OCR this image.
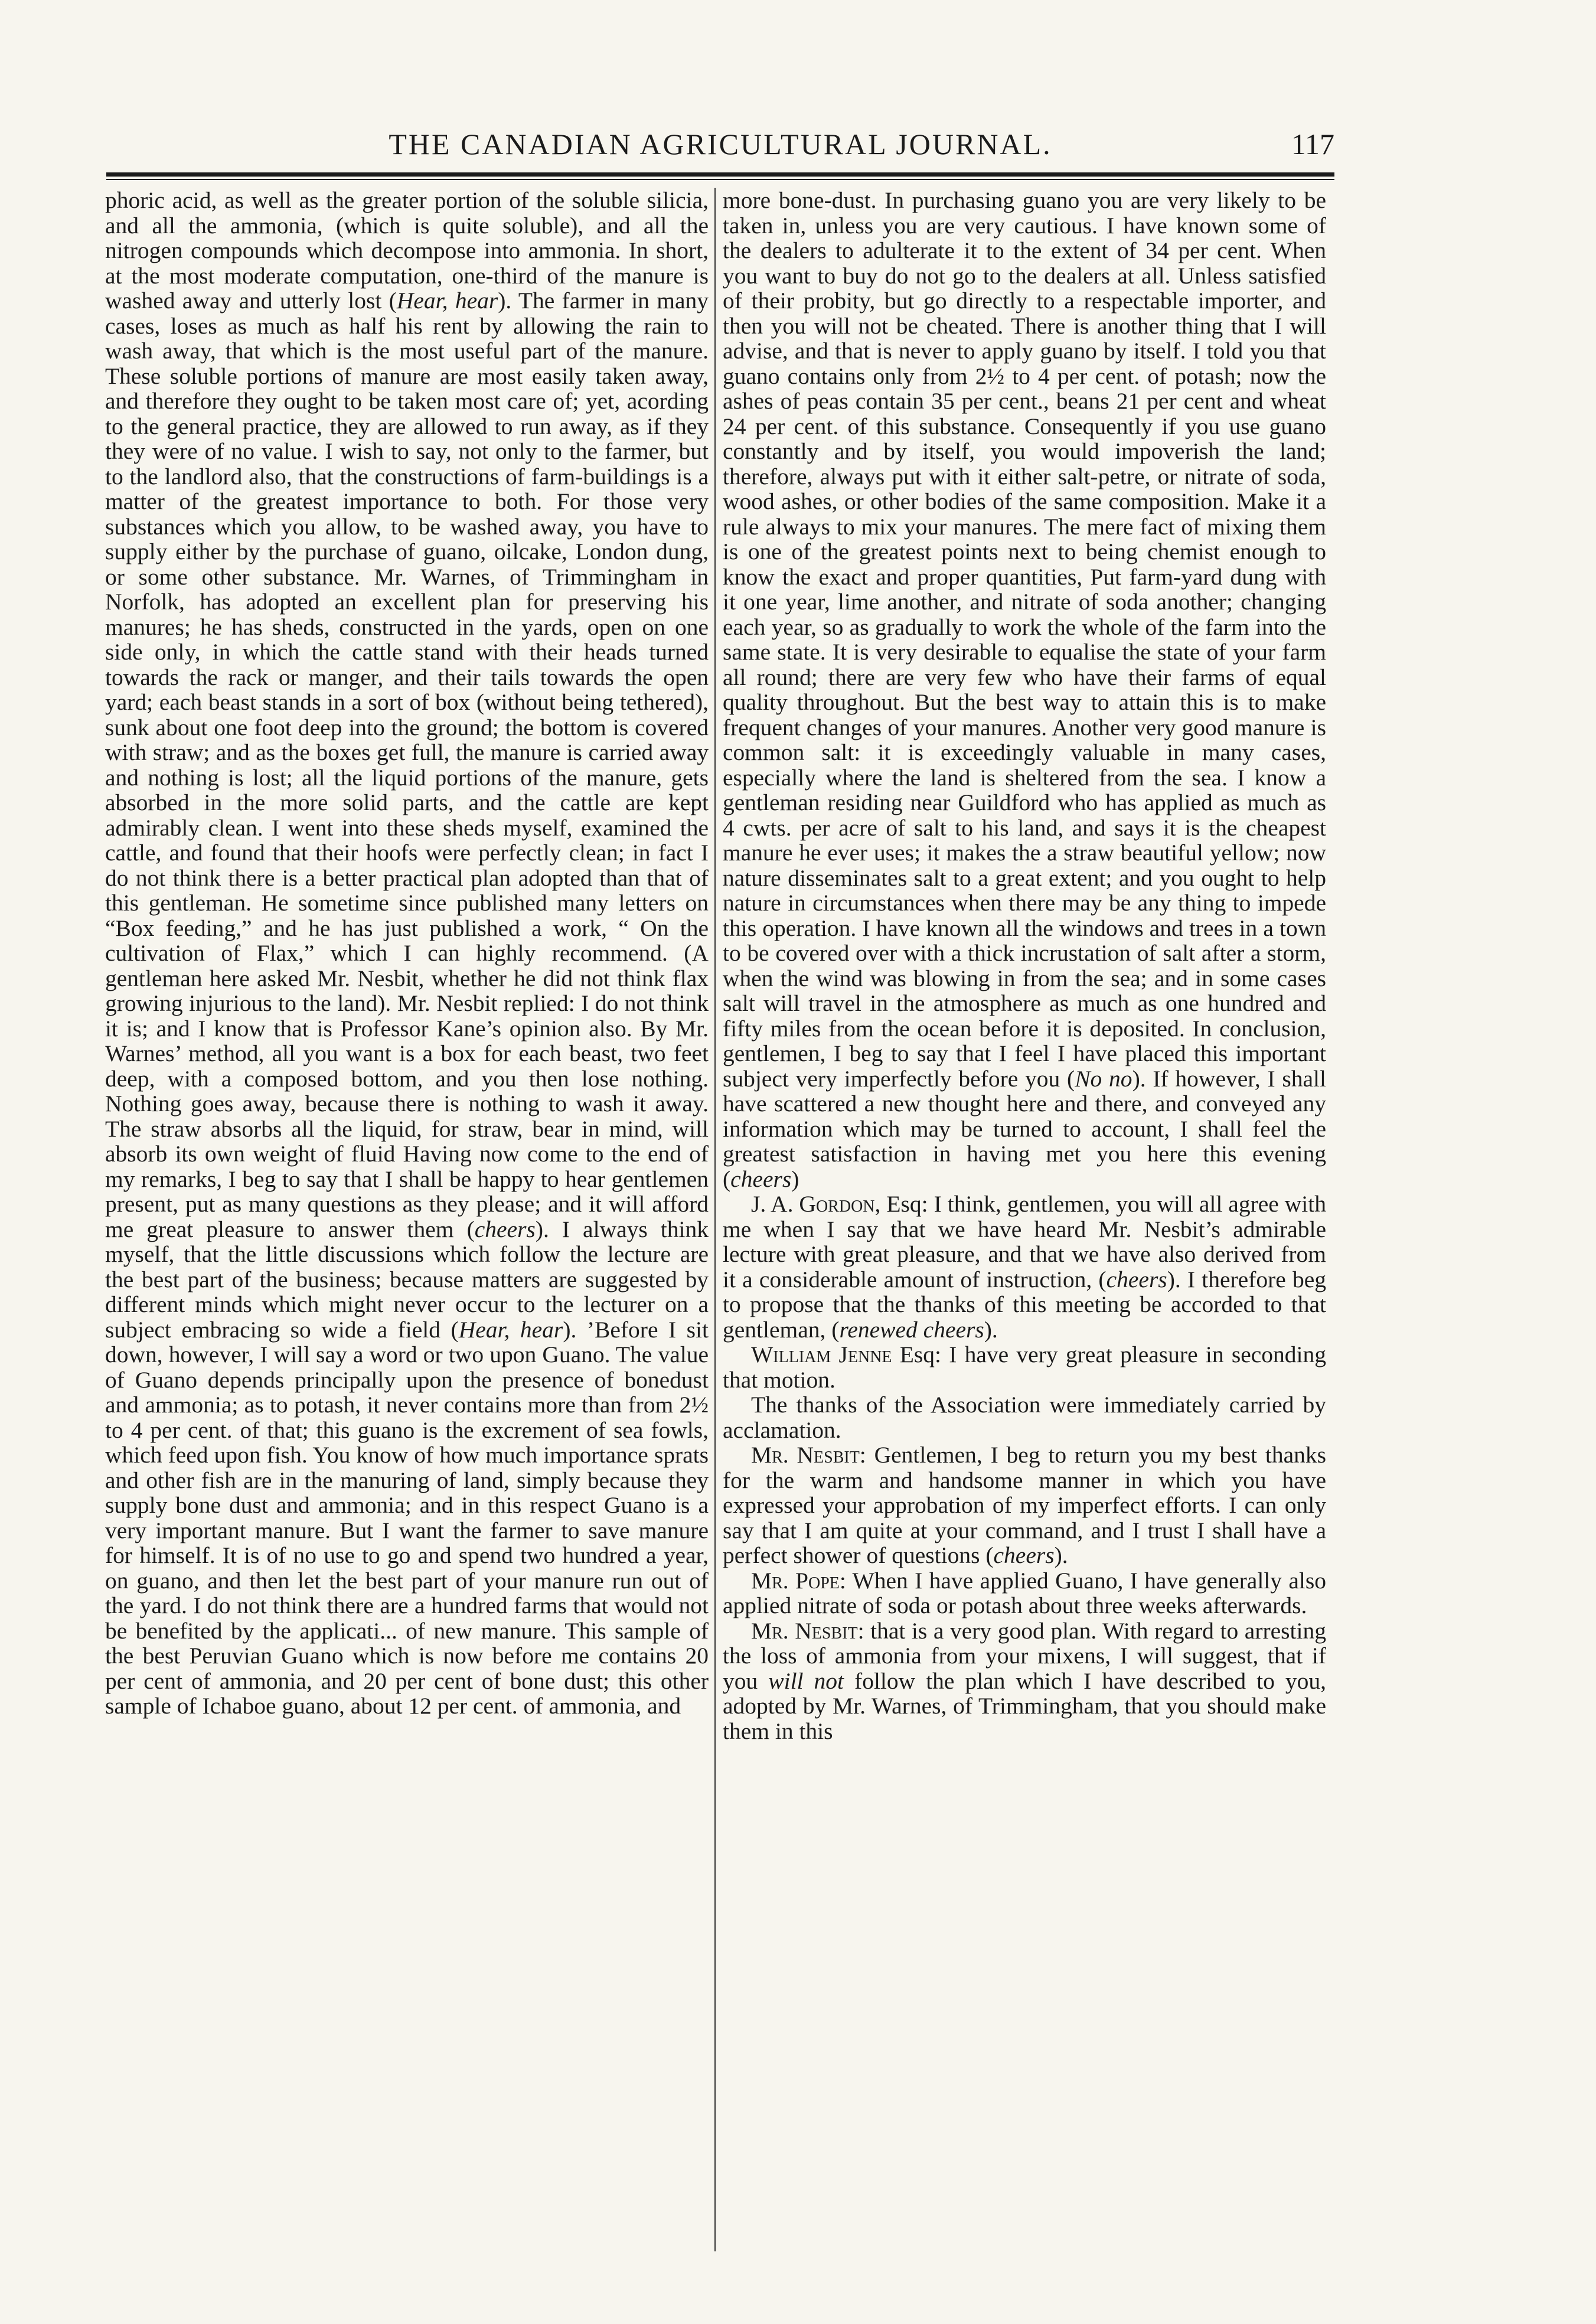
THE CANADIAN AGRICULTURAL JOURNAL.	117

phoric acid, as well as the greater portion of the soluble silicia, and all the ammonia, (which is quite soluble), and all the nitrogen compounds which decompose into ammonia. In short, at the most moderate computation, one-third of the manure is washed away and utterly lost (Hear, hear). The farmer in many cases, loses as much as half his rent by allowing the rain to wash away, that which is the most useful part of the manure. These soluble portions of manure are most easily taken away, and therefore they ought to be taken most care of; yet, acording to the general practice, they are allowed to run away, as if they they were of no value. I wish to say, not only to the farmer, but to the landlord also, that the constructions of farm-buildings is a matter of the greatest importance to both. For those very substances which you allow, to be washed away, you have to supply either by the purchase of guano, oilcake, London dung, or some other substance. Mr. Warnes, of Trimmingham in Norfolk, has adopted an excellent plan for preserving his manures; he has sheds, constructed in the yards, open on one side only, in which the cattle stand with their heads turned towards the rack or manger, and their tails towards the open yard; each beast stands in a sort of box (without being tethered), sunk about one foot deep into the ground; the bottom is covered with straw; and as the boxes get full, the manure is carried away and nothing is lost; all the liquid portions of the manure, gets absorbed in the more solid parts, and the cattle are kept admirably clean. I went into these sheds myself, examined the cattle, and found that their hoofs were perfectly clean; in fact I do not think there is a better practical plan adopted than that of this gentleman. He sometime since published many letters on “Box feeding,” and he has just published a work, “ On the cultivation of Flax,” which I can highly recommend. (A gentleman here asked Mr. Nesbit, whether he did not think flax growing injurious to the land). Mr. Nesbit replied: I do not think it is; and I know that is Professor Kane’s opinion also. By Mr. Warnes’ method, all you want is a box for each beast, two feet deep, with a composed bottom, and you then lose nothing. Nothing goes away, because there is nothing to wash it away. The straw absorbs all the liquid, for straw, bear in mind, will absorb its own weight of fluid Having now come to the end of my remarks, I beg to say that I shall be happy to hear gentlemen present, put as many questions as they please; and it will afford me great pleasure to answer them (cheers). I always think myself, that the little discussions which follow the lecture are the best part of the business; because matters are suggested by different minds which might never occur to the lecturer on a subject embracing so wide a field (Hear, hear). ’Before I sit down, however, I will say a word or two upon Guano. The value of Guano depends principally upon the presence of bonedust and ammonia; as to potash, it never contains more than from 2½ to 4 per cent. of that; this guano is the excrement of sea fowls, which feed upon fish. You know of how much importance sprats and other fish are in the manuring of land, simply because they supply bone dust and ammonia; and in this respect Guano is a very important manure. But I want the farmer to save manure for himself. It is of no use to go and spend two hundred a year, on guano, and then let the best part of your manure run out of the yard. I do not think there are a hundred farms that would not be benefited by the applicati... of new manure. This sample of the best Peruvian Guano which is now before me contains 20 per cent of ammonia, and 20 per cent of bone dust; this other sample of Ichaboe guano, about 12 per cent. of ammonia, and

more bone-dust. In purchasing guano you are very likely to be taken in, unless you are very cautious. I have known some of the dealers to adulterate it to the extent of 34 per cent. When you want to buy do not go to the dealers at all. Unless satisfied of their probity, but go directly to a respectable importer, and then you will not be cheated. There is another thing that I will advise, and that is never to apply guano by itself. I told you that guano contains only from 2½ to 4 per cent. of potash; now the ashes of peas contain 35 per cent., beans 21 per cent and wheat 24 per cent. of this substance. Consequently if you use guano constantly and by itself, you would impoverish the land; therefore, always put with it either salt-petre, or nitrate of soda, wood ashes, or other bodies of the same composition. Make it a rule always to mix your manures. The mere fact of mixing them is one of the greatest points next to being chemist enough to know the exact and proper quantities, Put farm-yard dung with it one year, lime another, and nitrate of soda another; changing each year, so as gradually to work the whole of the farm into the same state. It is very desirable to equalise the state of your farm all round; there are very few who have their farms of equal quality throughout. But the best way to attain this is to make frequent changes of your manures. Another very good manure is common salt: it is exceedingly valuable in many cases, especially where the land is sheltered from the sea. I know a gentleman residing near Guildford who has applied as much as 4 cwts. per acre of salt to his land, and says it is the cheapest manure he ever uses; it makes the a straw beautiful yellow; now nature disseminates salt to a great extent; and you ought to help nature in circumstances when there may be any thing to impede this operation. I have known all the windows and trees in a town to be covered over with a thick incrustation of salt after a storm, when the wind was blowing in from the sea; and in some cases salt will travel in the atmosphere as much as one hundred and fifty miles from the ocean before it is deposited. In conclusion, gentlemen, I beg to say that I feel I have placed this important subject very imperfectly before you (No no). If however, I shall have scattered a new thought here and there, and conveyed any information which may be turned to account, I shall feel the greatest satisfaction in having met you here this evening (cheers)

J. A. Gordon, Esq: I think, gentlemen, you will all agree with me when I say that we have heard Mr. Nesbit’s admirable lecture with great pleasure, and that we have also derived from it a considerable amount of instruction, (cheers). I therefore beg to propose that the thanks of this meeting be accorded to that gentleman, (renewed cheers).

William Jenne Esq: I have very great pleasure in seconding that motion.

The thanks of the Association were immediately carried by acclamation.

Mr. Nesbit: Gentlemen, I beg to return you my best thanks for the warm and handsome manner in which you have expressed your approbation of my imperfect efforts. I can only say that I am quite at your command, and I trust I shall have a perfect shower of questions (cheers).

Mr. Pope: When I have applied Guano, I have generally also applied nitrate of soda or potash about three weeks afterwards.

Mr. Nesbit: that is a very good plan. With regard to arresting the loss of ammonia from your mixens, I will suggest, that if you will not follow the plan which I have described to you, adopted by Mr. Warnes, of Trimmingham, that you should make them in this
